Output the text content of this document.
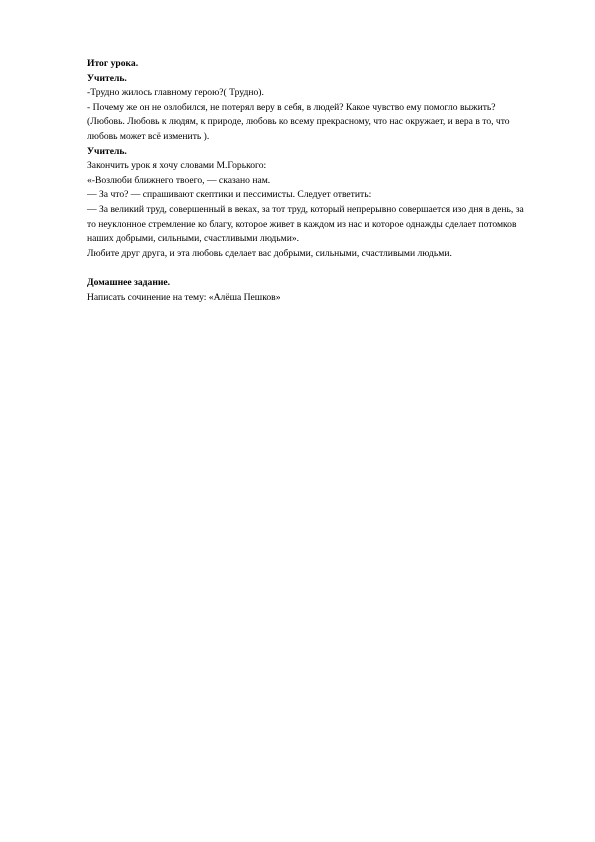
Итог урока.

Учитель.

-Трудно жилось главному герою?( Трудно).

- Почему же он не озлобился, не потерял веру в себя, в людей? Какое чувство ему помогло выжить? (Любовь. Любовь к людям, к природе, любовь ко всему прекрасному, что нас окружает, и вера в то, что любовь может всё изменить ).

Учитель.

Закончить урок я хочу словами М.Горького:

«-Возлюби ближнего твоего, — сказано нам.

— За что? — спрашивают скептики и пессимисты. Следует ответить:

— За великий труд, совершенный в веках, за тот труд, который непрерывно совершается изо дня в день, за то неуклонное стремление ко благу, которое живет в каждом из нас и которое однажды сделает потомков наших добрыми, сильными, счастливыми людьми».

Любите друг друга, и эта любовь сделает вас добрыми, сильными, счастливыми людьми.

Домашнее задание.

Написать сочинение на тему: «Алёша Пешков»
